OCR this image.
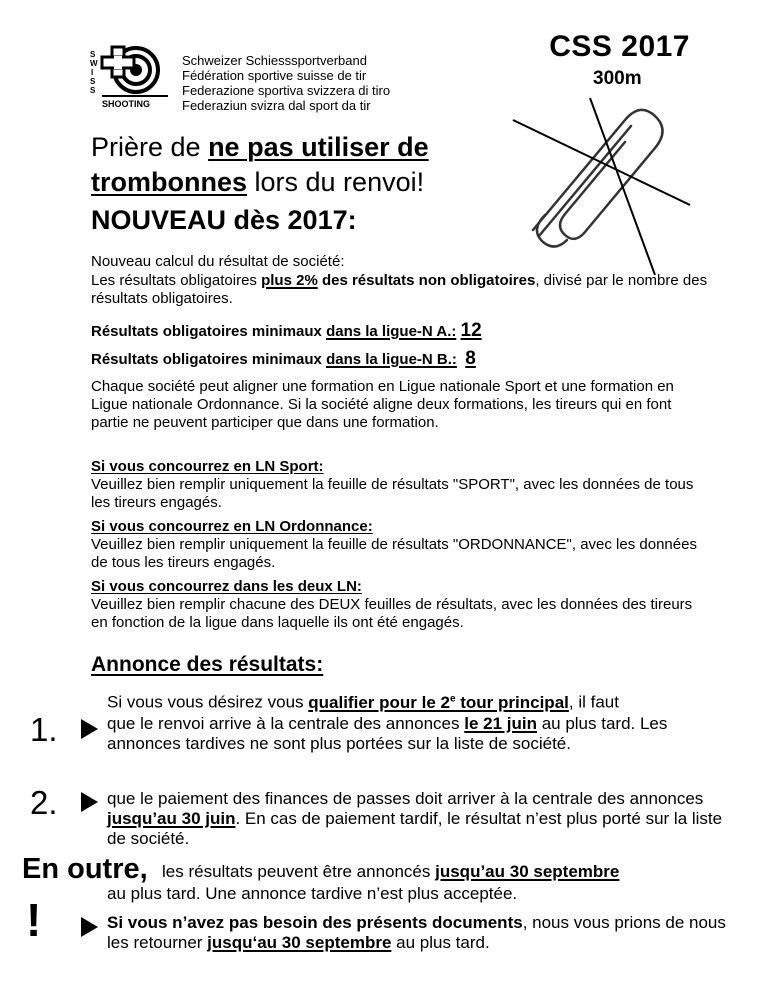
S
W
I
S
S
SHOOTING
Schweizer Schiesssportverband
Fédération sportive suisse de tir
Federazione sportiva svizzera di tiro
Federaziun svizra dal sport da tir
CSS 2017
300m
Prière de ne pas utiliser de
trombonnes lors du renvoi!
NOUVEAU dès 2017:
Nouveau calcul du résultat de société:
Les résultats obligatoires plus 2% des résultats non obligatoires, divisé par le nombre des résultats obligatoires.
Résultats obligatoires minimaux dans la ligue-N A.: 12
Résultats obligatoires minimaux dans la ligue-N B.: 8
Chaque société peut aligner une formation en Ligue nationale Sport et une formation en Ligue nationale Ordonnance. Si la société aligne deux formations, les tireurs qui en font partie ne peuvent participer que dans une formation.
Si vous concourrez en LN Sport:
Veuillez bien remplir uniquement la feuille de résultats "SPORT", avec les données de tous les tireurs engagés.
Si vous concourrez en LN Ordonnance:
Veuillez bien remplir uniquement la feuille de résultats "ORDONNANCE", avec les données de tous les tireurs engagés.
Si vous concourrez dans les deux LN:
Veuillez bien remplir chacune des DEUX feuilles de résultats, avec les données des tireurs en fonction de la ligue dans laquelle ils ont été engagés.
Annonce des résultats:
Si vous vous désirez vous qualifier pour le 2e tour principal, il faut
1.	que le renvoi arrive à la centrale des annonces le 21 juin au plus tard. Les annonces tardives ne sont plus portées sur la liste de société.
2.	que le paiement des finances de passes doit arriver à la centrale des annonces jusqu’au 30 juin. En cas de paiement tardif, le résultat n’est plus porté sur la liste de société.
En outre, les résultats peuvent être annoncés jusqu’au 30 septembre
au plus tard. Une annonce tardive n’est plus acceptée.
!	Si vous n’avez pas besoin des présents documents, nous vous prions de nous les retourner jusqu‘au 30 septembre au plus tard.
